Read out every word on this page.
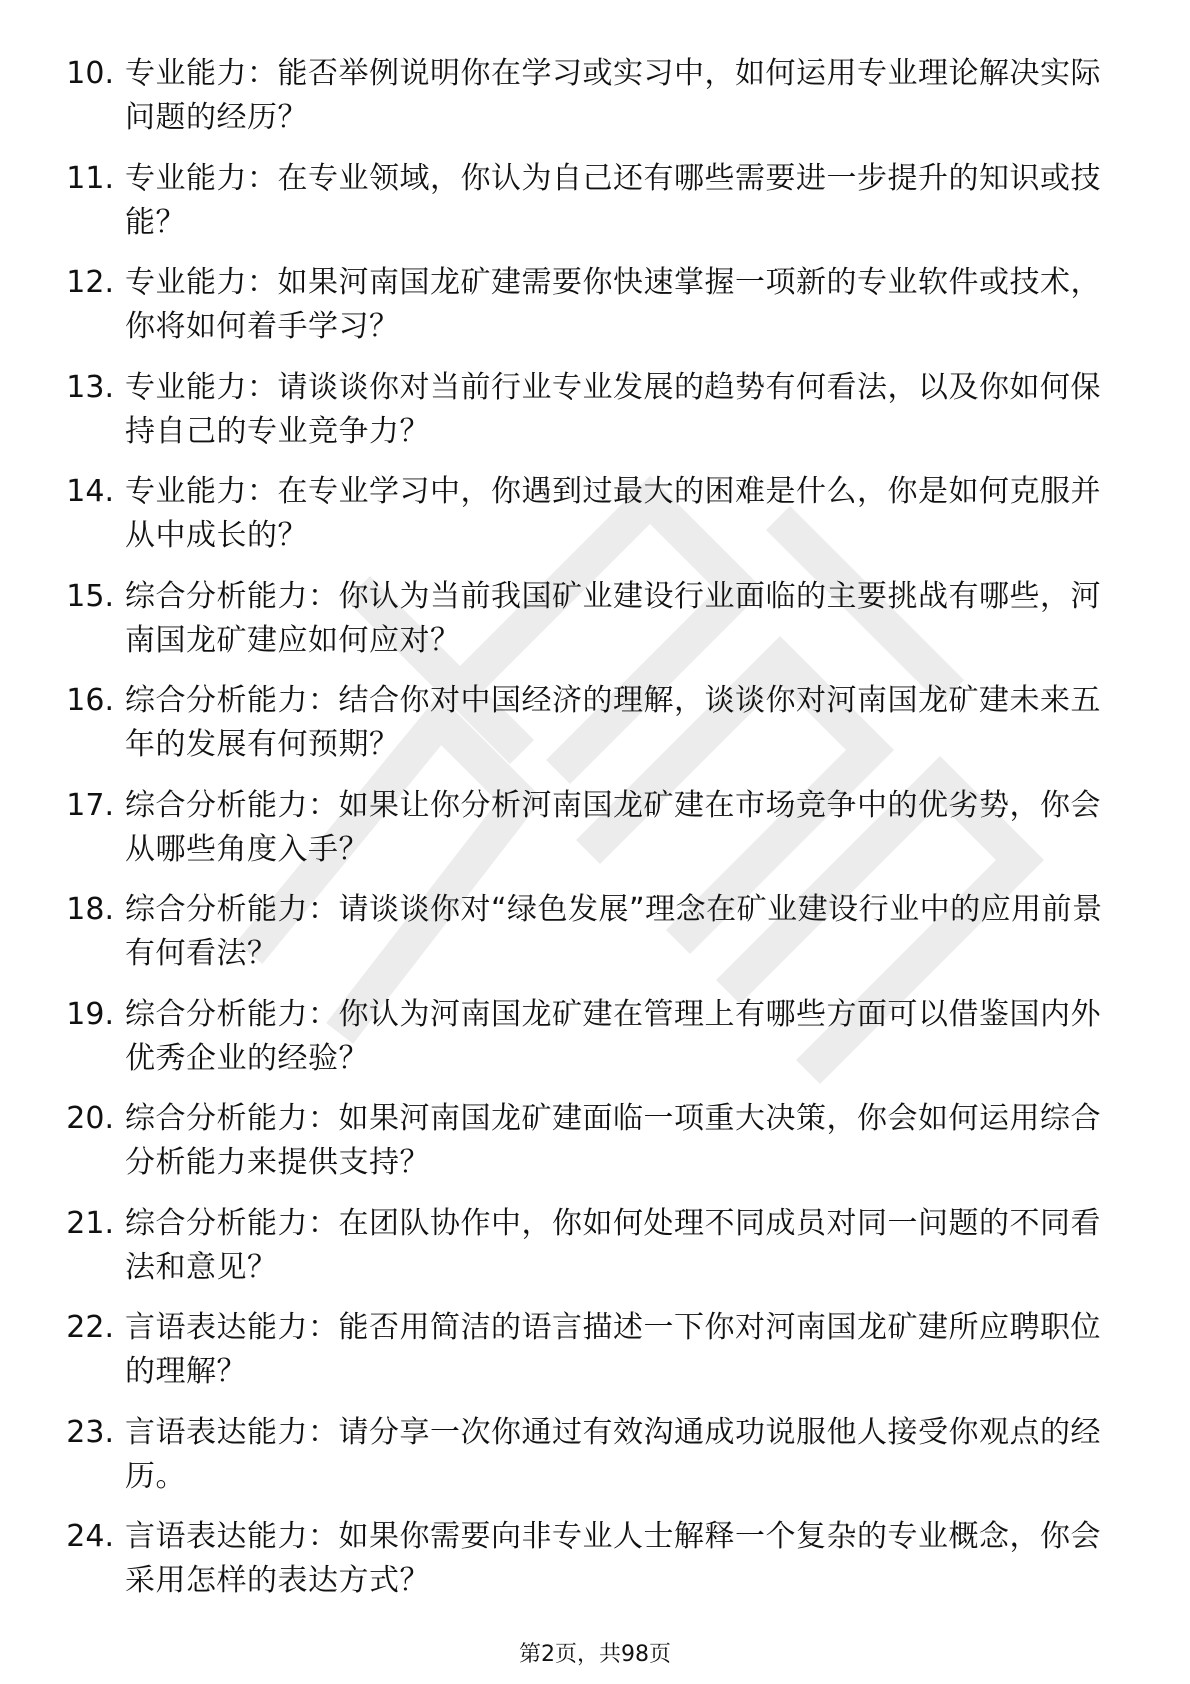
10. 专业能力：能否举例说明你在学习或实习中，如何运用专业理论解决实际问题的经历？
11. 专业能力：在专业领域，你认为自己还有哪些需要进一步提升的知识或技能？
12. 专业能力：如果河南国龙矿建需要你快速掌握一项新的专业软件或技术，你将如何着手学习？
13. 专业能力：请谈谈你对当前行业专业发展的趋势有何看法，以及你如何保持自己的专业竞争力？
14. 专业能力：在专业学习中，你遇到过最大的困难是什么，你是如何克服并从中成长的？
15. 综合分析能力：你认为当前我国矿业建设行业面临的主要挑战有哪些，河南国龙矿建应如何应对？
16. 综合分析能力：结合你对中国经济的理解，谈谈你对河南国龙矿建未来五年的发展有何预期？
17. 综合分析能力：如果让你分析河南国龙矿建在市场竞争中的优劣势，你会从哪些角度入手？
18. 综合分析能力：请谈谈你对“绿色发展”理念在矿业建设行业中的应用前景有何看法？
19. 综合分析能力：你认为河南国龙矿建在管理上有哪些方面可以借鉴国内外优秀企业的经验？
20. 综合分析能力：如果河南国龙矿建面临一项重大决策，你会如何运用综合分析能力来提供支持？
21. 综合分析能力：在团队协作中，你如何处理不同成员对同一问题的不同看法和意见？
22. 言语表达能力：能否用简洁的语言描述一下你对河南国龙矿建所应聘职位的理解？
23. 言语表达能力：请分享一次你通过有效沟通成功说服他人接受你观点的经历。
24. 言语表达能力：如果你需要向非专业人士解释一个复杂的专业概念，你会采用怎样的表达方式？
第2页，共98页
